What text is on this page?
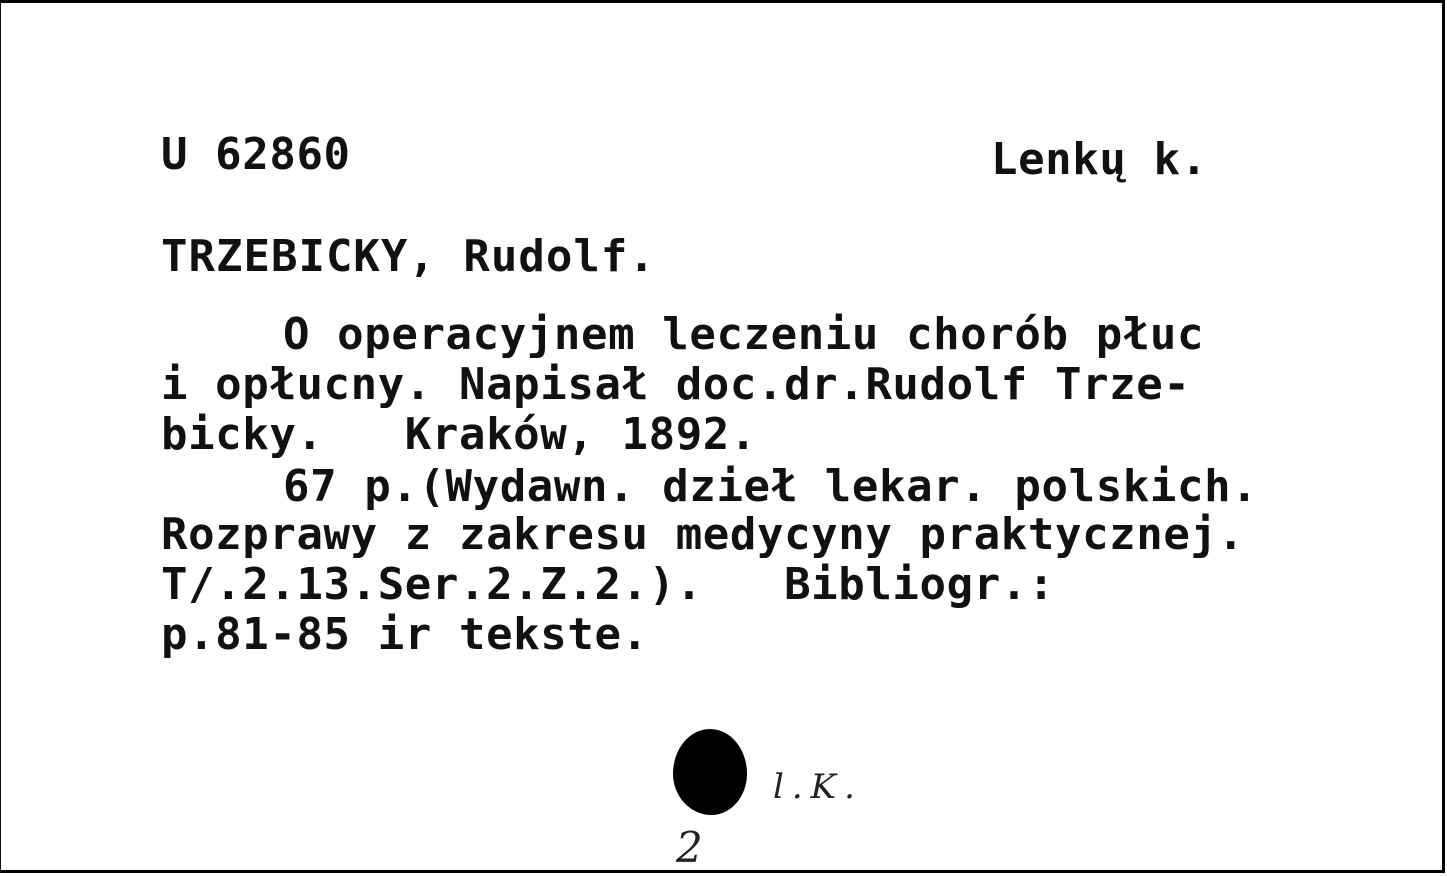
U 62860	Lenkų k.
TRZEBICKY, Rudolf.
O operacyjnem leczeniu chorób płuc
i opłucny. Napisał doc.dr.Rudolf Trze-
bicky.   Kraków, 1892.
67 p.(Wydawn. dzieł lekar. polskich.
Rozprawy z zakresu medycyny praktycznej.
T/.2.13.Ser.2.Z.2.).   Bibliogr.:
p.81-85 ir tekste.
l.K.
2
